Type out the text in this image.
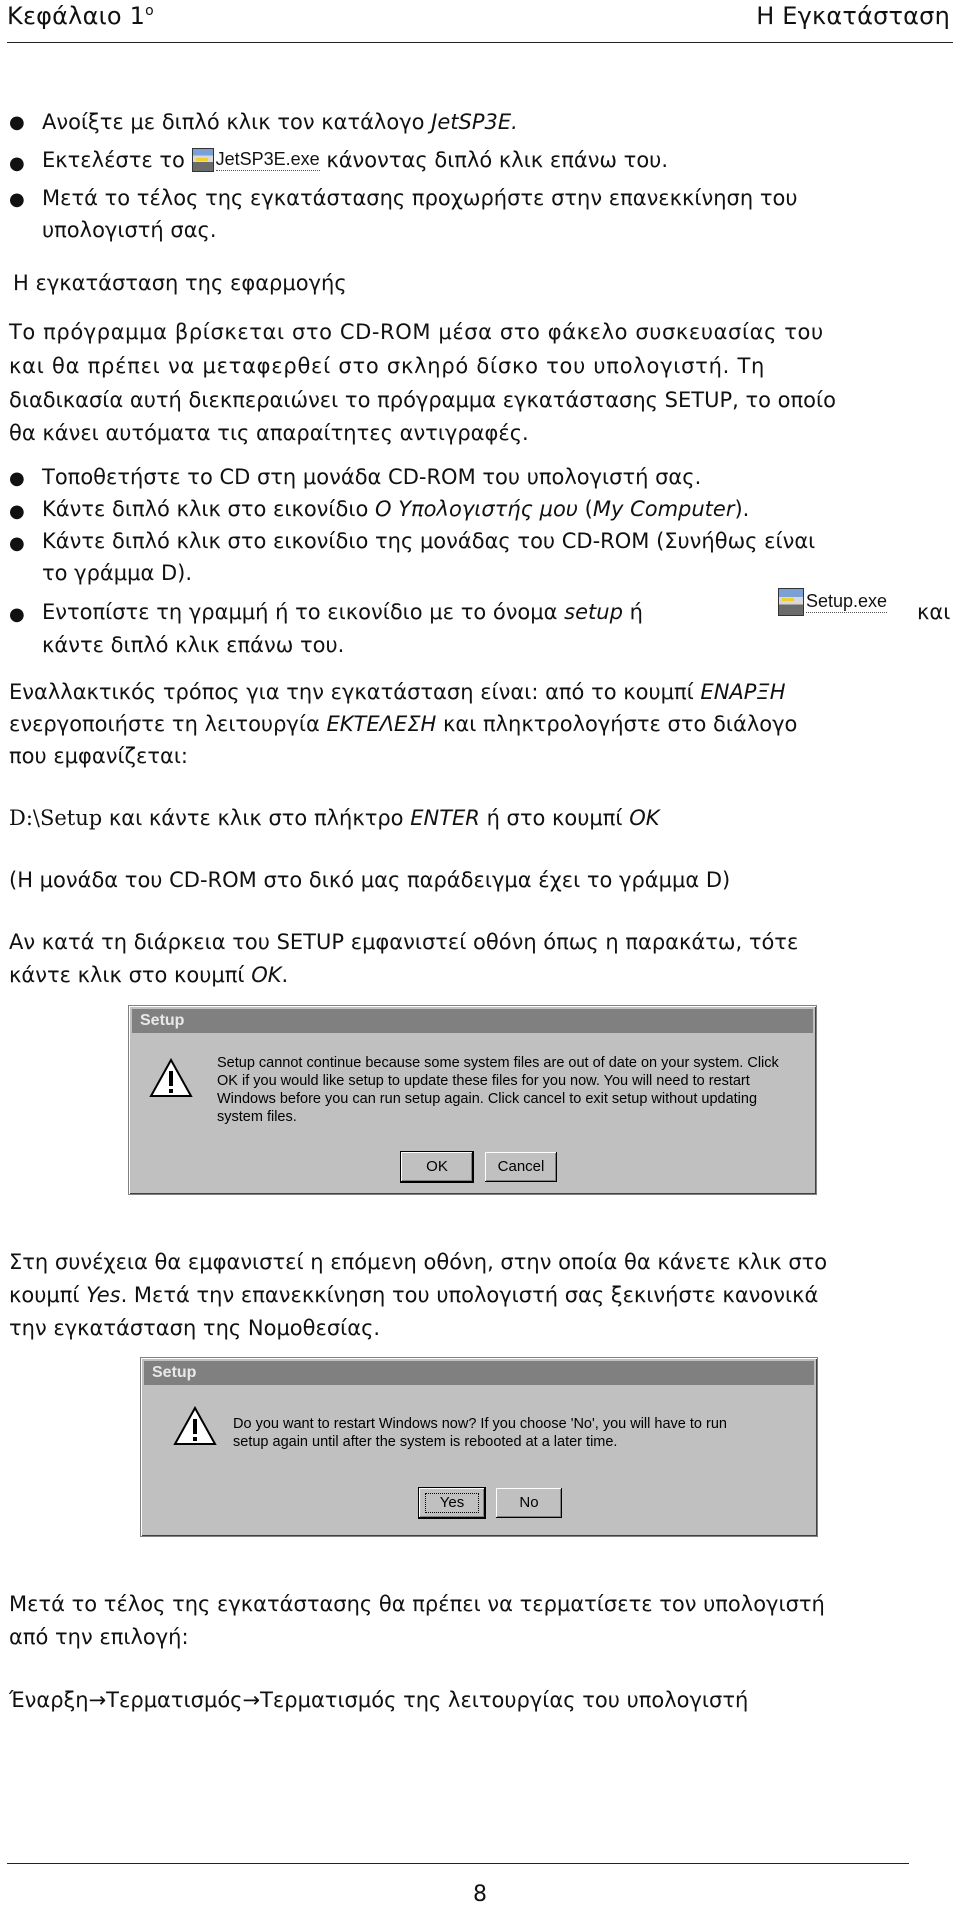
Κεφάλαιο $1^o$	Η Εγκατάσταση
● Ανοίξτε με διπλό κλικ τον κατάλογο JetSP3E.
● Εκτελέστε το JetSP3E.exe κάνοντας διπλό κλικ επάνω του.
● Μετά το τέλος της εγκατάστασης προχωρήστε στην επανεκκίνηση του
υπολογιστή σας.
Η εγκατάσταση της εφαρμογής
Το πρόγραμμα βρίσκεται στο CD-ROM μέσα στο φάκελο συσκευασίας του
και θα πρέπει να μεταφερθεί στο σκληρό δίσκο του υπολογιστή. Τη
διαδικασία αυτή διεκπεραιώνει το πρόγραμμα εγκατάστασης SETUP, το οποίο
θα κάνει αυτόματα τις απαραίτητες αντιγραφές.
● Τοποθετήστε το CD στη μονάδα CD-ROM του υπολογιστή σας.
● Κάντε διπλό κλικ στο εικονίδιο Ο Υπολογιστής μου (My Computer).
● Κάντε διπλό κλικ στο εικονίδιο της μονάδας του CD-ROM (Συνήθως είναι
το γράμμα D).
● Εντοπίστε τη γραμμή ή το εικονίδιο με το όνομα setup ή	Setup.exe και
κάντε διπλό κλικ επάνω του.
Εναλλακτικός τρόπος για την εγκατάσταση είναι: από το κουμπί ΕΝΑΡΞΗ
ενεργοποιήστε τη λειτουργία ΕΚΤΕΛΕΣΗ και πληκτρολογήστε στο διάλογο
που εμφανίζεται:
D:\Setup και κάντε κλικ στο πλήκτρο ENTER ή στο κουμπί OK
(Η μονάδα του CD-ROM στο δικό μας παράδειγμα έχει το γράμμα D)
Αν κατά τη διάρκεια του SETUP εμφανιστεί οθόνη όπως η παρακάτω, τότε
κάντε κλικ στο κουμπί OK.
Setup
Setup cannot continue because some system files are out of date on your system. Click
OK if you would like setup to update these files for you now. You will need to restart
Windows before you can run setup again. Click cancel to exit setup without updating
system files.
OK	Cancel
Στη συνέχεια θα εμφανιστεί η επόμενη οθόνη, στην οποία θα κάνετε κλικ στο
κουμπί Yes. Μετά την επανεκκίνηση του υπολογιστή σας ξεκινήστε κανονικά
την εγκατάσταση της Νομοθεσίας.
Setup
Do you want to restart Windows now? If you choose 'No', you will have to run
setup again until after the system is rebooted at a later time.
Yes	No
Μετά το τέλος της εγκατάστασης θα πρέπει να τερματίσετε τον υπολογιστή
από την επιλογή:
Έναρξη→Τερματισμός→Τερματισμός της λειτουργίας του υπολογιστή
8
